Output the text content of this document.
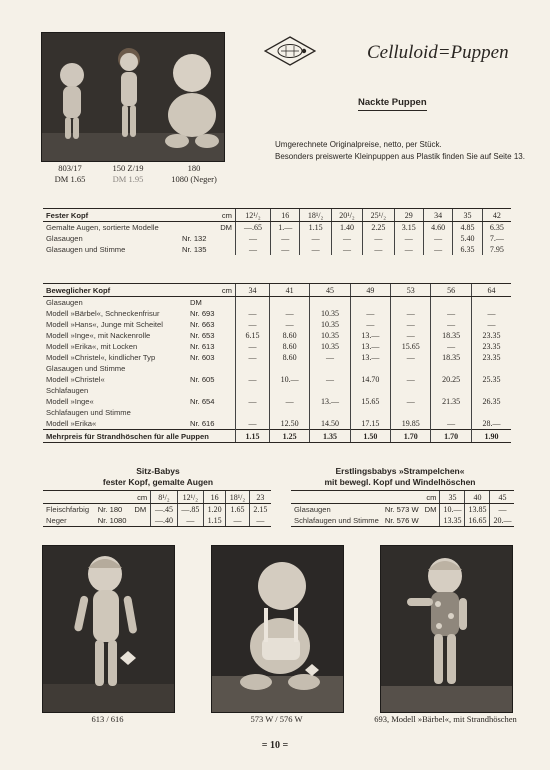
803/17
DM 1.65
150 Z/19
DM 1.95
180
1080 (Neger)
Celluloid=Puppen
Nackte Puppen
Umgerechnete Originalpreise, netto, per Stück.
Besonders preiswerte Kleinpuppen aus Plastik finden Sie auf Seite 13.
Fester Kopf	cm	12¹/₂	16	18¹/₂	20¹/₂	25¹/₂	29	34	35	42
Gemalte Augen, sortierte Modelle	DM	—.65	1.—	1.15	1.40	2.25	3.15	4.60	4.85	6.35
Glasaugen	Nr. 132	—	—	—	—	—	—	—	5.40	7.—
Glasaugen und Stimme	Nr. 135	—	—	—	—	—	—	—	6.35	7.95
Beweglicher Kopf	cm	34	41	45	49	53	56	64
Glasaugen	DM							
Modell »Bärbel«, Schneckenfrisur	Nr. 693	—	—	10.35	—	—	—	—
Modell »Hans«, Junge mit Scheitel	Nr. 663	—	—	10.35	—	—	—	—
Modell »Inge«, mit Nackenrolle	Nr. 653	6.15	8.60	10.35	13.—	—	18.35	23.35
Modell »Erika«, mit Locken	Nr. 613	—	8.60	10.35	13.—	15.65	—	23.35
Modell »Christel«, kindlicher Typ	Nr. 603	—	8.60	—	13.—	—	18.35	23.35
Glasaugen und Stimme								
Modell »Christel«	Nr. 605	—	10.—	—	14.70	—	20.25	25.35
Schlafaugen								
Modell »Inge«	Nr. 654	—	—	13.—	15.65	—	21.35	26.35
Schlafaugen und Stimme								
Modell »Erika«	Nr. 616	—	12.50	14.50	17.15	19.85	—	28.—
Mehrpreis für Strandhöschen für alle Puppen		1.15	1.25	1.35	1.50	1.70	1.70	1.90
Sitz-Babys
fester Kopf, gemalte Augen
cm			8¹/₂	12¹/₂	16	18¹/₂	23
Fleischfarbig	Nr. 180	DM	—.45	—.85	1.20	1.65	2.15
Neger	Nr. 1080		—.40	—	1.15	—	—
Erstlingsbabys »Strampelchen«
mit bewegl. Kopf und Windelhöschen
cm			35	40	45
Glasaugen	Nr. 573 W	DM	10.—	13.85	—
Schlafaugen und Stimme	Nr. 576 W		13.35	16.65	20.—
613 / 616	573 W / 576 W	693, Modell »Bärbel«, mit Strandhöschen
= 10 =
